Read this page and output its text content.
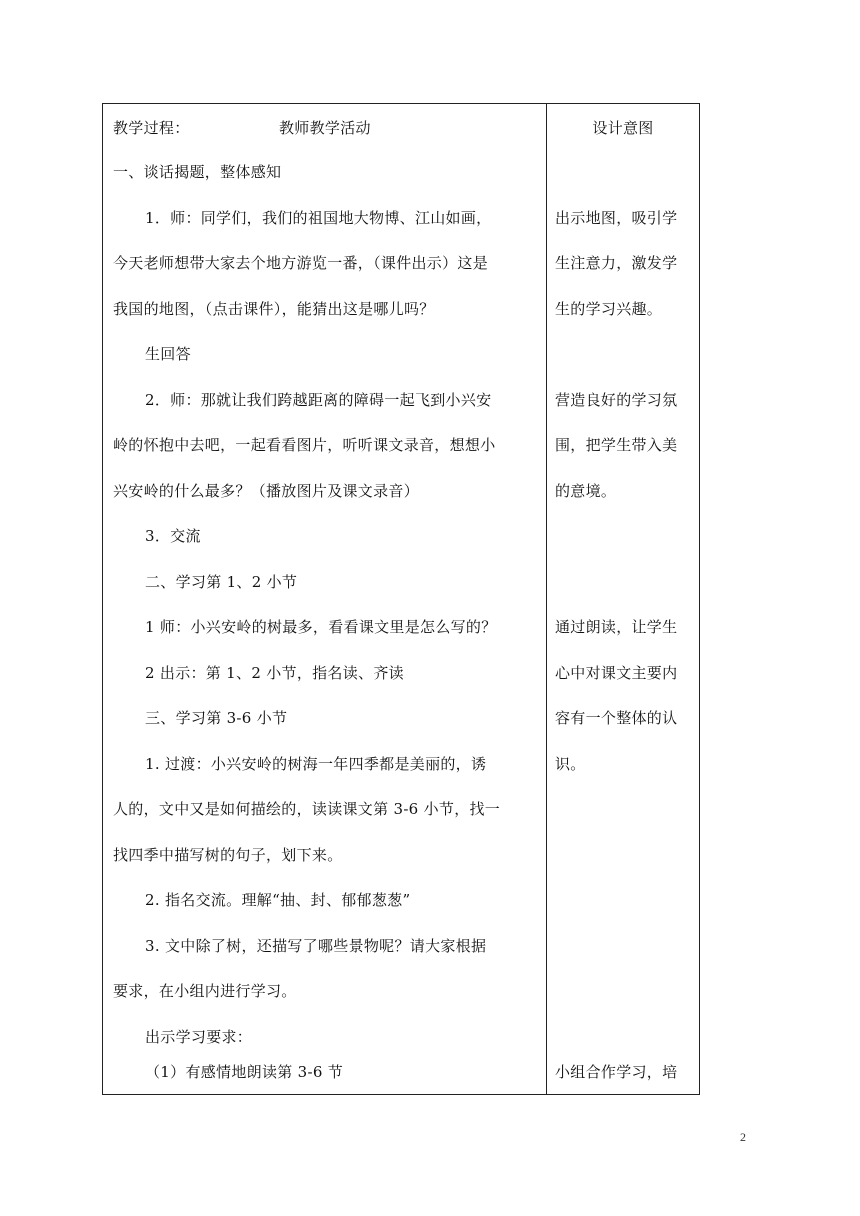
教学过程：	教师教学活动
一、谈话揭题，整体感知
1．师：同学们，我们的祖国地大物博、江山如画，
今天老师想带大家去个地方游览一番，（课件出示）这是
我国的地图，（点击课件），能猜出这是哪儿吗？
生回答
2．师：那就让我们跨越距离的障碍一起飞到小兴安
岭的怀抱中去吧，一起看看图片，听听课文录音，想想小
兴安岭的什么最多？（播放图片及课文录音）
3．交流
二、学习第 1、2 小节
1 师：小兴安岭的树最多，看看课文里是怎么写的？
2 出示：第 1、2 小节，指名读、齐读
三、学习第 3-6 小节
1. 过渡：小兴安岭的树海一年四季都是美丽的，诱
人的，文中又是如何描绘的，读读课文第 3-6 小节，找一
找四季中描写树的句子，划下来。
2. 指名交流。理解“抽、封、郁郁葱葱”
3. 文中除了树，还描写了哪些景物呢？请大家根据
要求，在小组内进行学习。
出示学习要求：
（1）有感情地朗读第 3-6 节
设计意图
出示地图，吸引学
生注意力，激发学
生的学习兴趣。
营造良好的学习氛
围，把学生带入美
的意境。
通过朗读，让学生
心中对课文主要内
容有一个整体的认
识。
小组合作学习，培
2
